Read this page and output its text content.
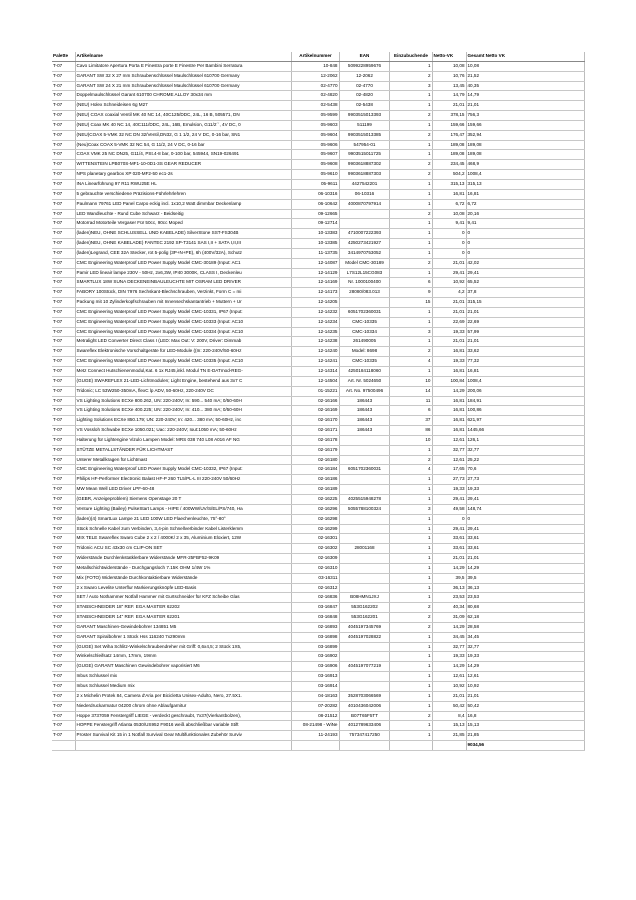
Palette	Artikelname	Artikelnummer	EAN	Einzubuchende	Netto-VK	Gesamt Netto VK
T-07	Cavo Limitatore Apertura Porta E Finestra porte E Finestre Per Bambini Serratura	10-848	5099228959676	1	10,08	10,08
T-07	GARANT SW 32 X 27 mm Schraubenschlüssel Maulschlüssel 610700 Germany	12-2062	12-2062	2	10,76	21,52
T-07	GARANT SW 24 X 21 mm Schraubenschlüssel Maulschlüssel 610700 Germany	02-4770	02-4770	3	13,45	40,35
T-07	Doppelmaulschlüssel Garant 610700 CHROME ALLOY 30x34 mm	02-4820	02-4820	1	14,79	14,79
T-07	(NEU) Holex Schneideisen 6g M27	02-5438	02-5438	1	21,01	21,01
T-07	(NEU) COAX coaxial Ventil MK 40 NC 14, 40C125/DDC, 24L, 16 B, 505571, DN	05-9599	9903515013393	2	378,15	756,3
T-07	(NEU) Coax MK 40 NC 14, 40C111/DDC, 24L, 16B, Emulsion, G11/2´´, 4V DC, 0	05-9603	511199	1	159,66	159,66
T-07	(NEU)COAX 5-VMK 32 NC DN 32/Ventil,DN32, G 1 1/2, 24 V DC, 0-16 bar, SN1	05-9604	9903515013385	2	176,47	352,94
T-07	(Neu)Coax COAX 5-VMK 32 NC 54, G 11/2, 24 V DC, 0-16 bar	05-9606	547954-01	1	189,08	189,08
T-07	COAX VMK 25 NC DN25, G11/4, PSt.4-8 bar, 0-100 bar, 545944, SN19-026491	05-9607	9903515011725	1	189,08	189,08
T-07	WITTENSTEIN LPB070S-MF1-10-0D1-3S GEAR REDUCER	05-9608	9903618887302	2	234,45	468,9
T-07	NPS planetary gearbox XP 020-MF2-50 ec1-2s	05-9610	9903618887303	2	504,2	1008,4
T-07	INA Linearführung 97 R11 RWU25E HL	05-9611	4427542201	1	315,13	315,13
T-07	5 gebrauchte verschiedene Präzisions-Führlehrlehren	06-10316	06-10316	1	16,81	16,81
T-07	Paulmann 79761 LED Panel Carpo eckig incl. 1x10,2 Watt dimmbar Deckenlamp	06-10642	4000870797914	1	6,72	6,72
T-07	LED Wandleuchte - Rund Cube Schwarz - Beidseitig	09-12665		2	10,08	20,16
T-07	Motorrad Motorteile Vergaser Für 50cc, 90cc Moped	09-12714		1	9,41	9,41
T-07	(laden)NEU, OHNE SCHLUSSELL UND KABELADE) SilverStone SST-FS304B	10-13383	4710007222393	1	0	0
T-07	(laden)NEU, OHNE KABELADE) FANTEC 2192 SP-T3141 SAS I,II + SATA I,II,III	10-13385	4250273421927	1	0	0
T-07	(laden)Legrand, CEE 32A Stecker, rot 5-polig (3P+N+PE), 6h (400V/32A), Schutz	11-13735	3414970753052	1	0	0
T-07	CMC Engineering Waterproof LED Power Supply Model CMC-30189 (Input: AC1	12-14087	Model CMC-30189	2	21,01	42,02
T-07	Pamir LED lineair lampe 230V - 50Hz, 2x6,3W, IP40 3000K, CLASS I, Deckenleu	12-14129	L7S12L15CG083	1	29,41	29,41
T-07	SMARTLUX 18W SUNA DECKENEINBAULEUCHTE MIT OSRAM LED DRIVER	12-14169	Nr. 1000100400	6	10,92	65,52
T-07	FABORY 100Stück, DIN 7976 Sechskant-Blechschrauben, Verzinkt, Form C = mi	12-14173	28080/083.013	9	4,2	37,8
T-07	Packung mit 10 Zylinderkopfschrauben mit Innensechskantantrieb + Muttern + Ur	12-14205		15	21,01	315,15
T-07	CMC Engineering Waterproof LED Power Supply Model CMC-10331, IP67 (Input:	12-14232	6051702360031	1	21,01	21,01
T-07	CMC Engineering Waterproof LED Power Supply Model CMC-10333 (Input: AC10	12-14234	CMC-10335	1	22,69	22,69
T-07	CMC Engineering Waterproof LED Power Supply Model CMC-10334 (Input: AC10	12-14235	CMC-10334	3	19,33	57,99
T-07	Metralight LED Converter Direct Class I (LED: Max Out: V: 200V, Driver: Dimmab	12-14238	261490005	1	21,01	21,01
T-07	Swareflex Elektronische Vorschaltgeräte für LED-Module ((In: 220-240V/50-60Hz	12-14240	Model: 8698	2	16,81	33,62
T-07	CMC Engineering Waterproof LED Power Supply Model CMC-10335 (Input: AC10	12-14241	CMC-10335	4	19,33	77,32
T-07	Metz Connect Hutschienenmodul,Kat. 6 1x RJ45,inkl. Modul TN E-DATmod-REG-	12-14314	4250184118060	1	16,81	16,81
T-07	(GUGE) SWAREFLEX 21-LED-Lichtmodulen; Light Engine, bestehend aus 3x7 C	12-14504	Art. Nr. 5024650	10	100,84	1008,4
T-07	Tridonic; LC 53W250-350mA, flexC lp ADV, 50-60Hz, 220-240V DC	01-15221	Art. No. 97500496	14	14,29	200,06
T-07	VS Lighting Solutions ECXe 800.262, UN: 220-240V; In: 590... 540 mA; 0/50-60H	02-16166	186443	11	16,81	184,91
T-07	VS Lighting Solutions ECXe 400.225; UN: 220-240V; In: 410... 380 mA; 0/50-60H	02-16169	186443	6	16,81	100,86
T-07	Lighting Solutions ECXe 850.179; UN: 220-240V; In: 420... 380 mA; 50-60Hz, inc	02-16170	186443	37	16,81	621,97
T-07	VS Vossloh Schwabe ECXe 1050.021; Uac: 220-240V; Iout:1050 mA; 50-60Hz	02-16171	186443	86	16,81	1445,66
T-07	Halterung für Lightengine Vizulo Lampen Model: MRS 038 740 L08 A016 AF NG	02-16178		10	12,61	126,1
T-07	STÜTZE METALLSTÄNDER FÜR LICHTMAST	02-16179		1	32,77	32,77
T-07	Unterer Metallkragen für Lichtmast	02-16180		2	12,61	25,22
T-07	CMC Engineering Waterproof LED Power Supply Model CMC-10332, IP67 (Input:	02-16184	6051702360031	4	17,65	70,6
T-07	Philips HF-Performer Electronic Balast HF-P 260 TL5/PL-L III 220-240V 50/60Hz	02-16186		1	27,73	27,73
T-07	MW Mean Well LED Driver LPF-60-48	02-16189		1	19,33	19,33
T-07	(GEBR, Anzeigeproblem) Siemens Openstage 20 T	02-16225	4025515948278	1	29,41	29,41
T-07	Venture Lighting (Bailey) PulseStart Lamps - HIPE / 400WW/UV/S/EL/PS/740, Ha	02-16296	5055788100324	3	49,58	148,74
T-07	(laden)(4) SmartLux Lampe 21 LED 100W LED Flaechenleuchte, 75°-80°	02-16298		1	0	0
T-07	Stück Schnelle Kabel zum Verbinden, 3,4-pin Schnellverbinder Kabel Listerklemm	02-16299		1	29,41	29,41
T-07	MIX TELE Swareflex Swaro Cube 2 x 2 / 4000K/ 2 x 35, Aluminium Eloxiert, 12W	02-16301		1	33,61	33,61
T-07	Tridonic ACU SC 43x30 cm CLIP-ON SET	02-16302	28001168	1	33,61	33,61
T-07	Widerstände Durchlenkstatklerbare Widerstände MFR-25FBF52-9K09	02-16309		1	21,01	21,01
T-07	Metallschichtwiderstände - Durchgangsloch 7.15K OHM 1/4W 1%	02-16310		1	14,29	14,29
T-07	Mix (FOTO) Widerstände Durchkontaktierbare Widerstände	03-16311		1	39,5	39,5
T-07	2 x Swaro Levelite Unterflur Markierungsknöpfe LED-Basis	02-16312		1	36,13	36,13
T-07	SET / Auto Nothammer Notfall Hammer mit Gurtschneider für KFZ Scheibe Glas	02-16836	B08HMN1JXJ	1	23,53	23,53
T-07	STABSCHNEIDER 18" REF. EGA MASTER 62202	03-16847	553G162202	2	40,34	80,68
T-07	STABSCHNEIDER 14" REF. EGA MASTER 62201	03-16848	553G162201	2	31,09	62,18
T-07	GARANT Maschinen-Gewindebohrer 134851 M5	02-16893	4045197345769	2	14,29	28,58
T-07	GARANT Spiralbohrer 1 Stück Hss 116240 7x290mm	03-16898	4045197028822	1	34,45	34,45
T-07	(GUGE) Set Wiha Schlitz-Winkelschraubendreher mit Griff: 0,6x4,5; 2 Stück 1X5,	03-16899		1	32,77	32,77
T-07	Winkelschleifsatz 14mm, 17mm, 19mm	03-16902		1	19,33	19,33
T-07	(GUGE) GARANT Maschinen Gewindebohrer vaporisiert M6	03-16906	4045197077219	1	14,29	14,29
T-07	Inbus Schlussel mix	03-16913		1	12,61	12,61
T-07	Inbus Schlussel Medium mix	03-16914		1	10,92	10,92
T-07	2 x Michelin Protek 84, Camera d'Aria per Bicicletta Unisex-Adulto, Nero, 27.5X1.	04-18163	3528703066569	1	21,01	21,01
T-07	Niederdruckarmatur 04200 chrom ohne Ablaufgarnitur	07-20282	4010436042006	1	50,42	50,42
T-07	Hoppe 3737059 Fenstergriff LIEGE - verdeckt geschraubt, 7x37(Vierkantbolzen),	08-21512	B07T65F5TT	2	8,4	16,8
T-07	HOPPE Fenstergriff Atlanta 0530/US952 F9016 weiß abschließbar variable Stift	08-21498 - WiNe	4012789633406	1	15,13	15,13
T-07	Proster Survival Kit 15 in 1 Notfall Survival Gear Multifunktionales Zubehör Surviv	11-24193	757347417250	1	21,85	21,85
						9034,56
